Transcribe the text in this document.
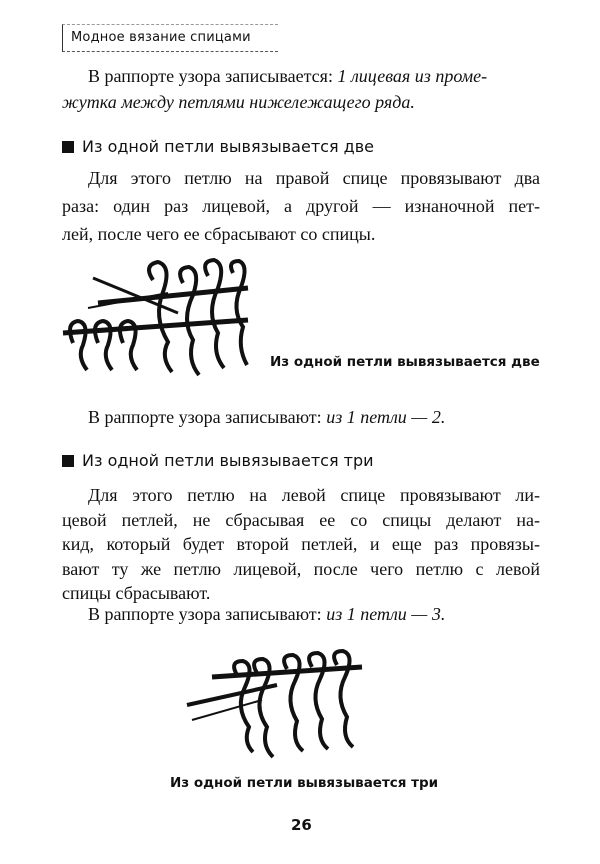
Модное вязание спицами
В раппорте узора записывается: 1 лицевая из проме-
жутка между петлями нижележащего ряда.
Из одной петли вывязывается две
Для этого петлю на правой спице провязывают два
раза: один раз лицевой, а другой — изнаночной пет-
лей, после чего ее сбрасывают со спицы.
Из одной петли вывязывается две
В раппорте узора записывают: из 1 петли — 2.
Из одной петли вывязывается три
Для этого петлю на левой спице провязывают ли-
цевой петлей, не сбрасывая ее со спицы делают на-
кид, который будет второй петлей, и еще раз провязы-
вают ту же петлю лицевой, после чего петлю с левой
спицы сбрасывают.
В раппорте узора записывают: из 1 петли — 3.
Из одной петли вывязывается три
26
